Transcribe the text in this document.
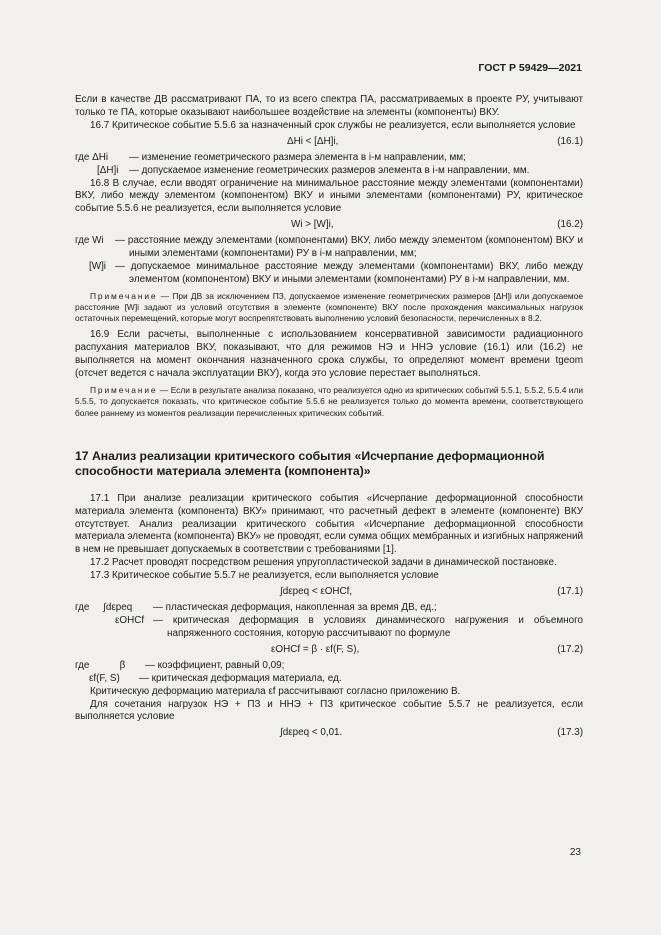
ГОСТ Р 59429—2021

Если в качестве ДВ рассматривают ПА, то из всего спектра ПА, рассматриваемых в проекте РУ, учитывают только те ПА, которые оказывают наибольшее воздействие на элементы (компоненты) ВКУ.

16.7 Критическое событие 5.5.6 за назначенный срок службы не реализуется, если выполняется условие

ΔHi < [ΔH]i,	(16.1)
где ΔHi	— изменение геометрического размера элемента в i-м направлении, мм;
[ΔH]i	— допускаемое изменение геометрических размеров элемента в i-м направлении, мм.

16.8 В случае, если вводят ограничение на минимальное расстояние между элементами (компонентами) ВКУ, либо между элементом (компонентом) ВКУ и иными элементами (компонентами) РУ, критическое событие 5.5.6 не реализуется, если выполняется условие

Wi > [W]i,	(16.2)
где Wi	— расстояние между элементами (компонентами) ВКУ, либо между элементом (компонентом) ВКУ и иными элементами (компонентами) РУ в i-м направлении, мм;
[W]i — допускаемое минимальное расстояние между элементами (компонентами) ВКУ, либо между элементом (компонентом) ВКУ и иными элементами (компонентами) РУ в i-м направлении, мм.

Примечание — При ДВ за исключением ПЗ, допускаемое изменение геометрических размеров [ΔH]i или допускаемое расстояние [W]i задают из условий отсутствия в элементе (компоненте) ВКУ после прохождения максимальных нагрузок остаточных перемещений, которые могут воспрепятствовать выполнению условий безопасности, перечисленных в 8.2.

16.9 Если расчеты, выполненные с использованием консервативной зависимости радиационного распухания материалов ВКУ, показывают, что для режимов НЭ и ННЭ условие (16.1) или (16.2) не выполняется на момент окончания назначенного срока службы, то определяют момент времени tgeom (отсчет ведется с начала эксплуатации ВКУ), когда это условие перестает выполняться.

Примечание — Если в результате анализа показано, что реализуется одно из критических событий 5.5.1, 5.5.2, 5.5.4 или 5.5.5, то допускается показать, что критическое событие 5.5.6 не реализуется только до момента времени, соответствующего более раннему из моментов реализации перечисленных критических событий.

17 Анализ реализации критического события «Исчерпание деформационной способности материала элемента (компонента)»

17.1 При анализе реализации критического события «Исчерпание деформационной способности материала элемента (компонента) ВКУ» принимают, что расчетный дефект в элементе (компоненте) ВКУ отсутствует. Анализ реализации критического события «Исчерпание деформационной способности материала элемента (компонента) ВКУ» не проводят, если сумма общих мембранных и изгибных напряжений в нем не превышает допускаемых в соответствии с требованиями [1].

17.2 Расчет проводят посредством решения упругопластической задачи в динамической постановке.

17.3 Критическое событие 5.5.7 не реализуется, если выполняется условие

∫dεpeq < εОНСf,	(17.1)
где ∫dεpeq	— пластическая деформация, накопленная за время ДВ, ед.;
εОНСf — критическая деформация в условиях динамического нагружения и объемного напряженного состояния, которую рассчитывают по формуле
εОНСf = β · εf(F, S),	(17.2)
где	β	— коэффициент, равный 0,09;
εf(F, S)	— критическая деформация материала, ед.

Критическую деформацию материала εf рассчитывают согласно приложению В.

Для сочетания нагрузок НЭ + ПЗ и ННЭ + ПЗ критическое событие 5.5.7 не реализуется, если выполняется условие

∫dεpeq < 0,01.	(17.3)
23
